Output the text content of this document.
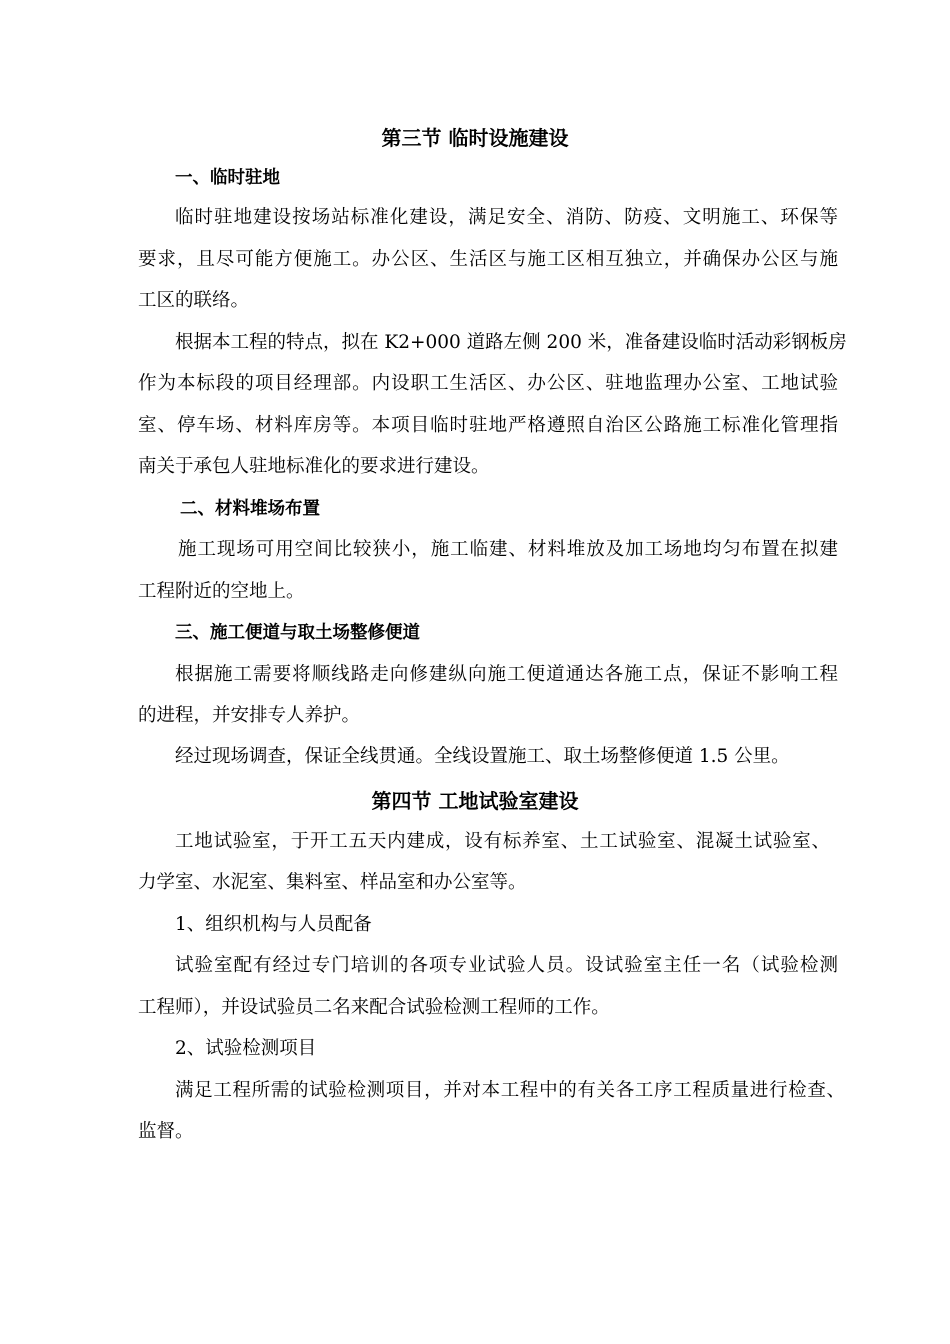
第三节 临时设施建设
一、临时驻地
临时驻地建设按场站标准化建设，满足安全、消防、防疫、文明施工、环保等
要求，且尽可能方便施工。办公区、生活区与施工区相互独立，并确保办公区与施
工区的联络。
根据本工程的特点，拟在 K2+000 道路左侧 200 米，准备建设临时活动彩钢板房
作为本标段的项目经理部。内设职工生活区、办公区、驻地监理办公室、工地试验
室、停车场、材料库房等。本项目临时驻地严格遵照自治区公路施工标准化管理指
南关于承包人驻地标准化的要求进行建设。
二、材料堆场布置
施工现场可用空间比较狭小，施工临建、材料堆放及加工场地均匀布置在拟建
工程附近的空地上。
三、施工便道与取土场整修便道
根据施工需要将顺线路走向修建纵向施工便道通达各施工点，保证不影响工程
的进程，并安排专人养护。
经过现场调查，保证全线贯通。全线设置施工、取土场整修便道 1.5 公里。
第四节 工地试验室建设
工地试验室，于开工五天内建成，设有标养室、土工试验室、混凝土试验室、
力学室、水泥室、集料室、样品室和办公室等。
1、组织机构与人员配备
试验室配有经过专门培训的各项专业试验人员。设试验室主任一名（试验检测
工程师），并设试验员二名来配合试验检测工程师的工作。
2、试验检测项目
满足工程所需的试验检测项目，并对本工程中的有关各工序工程质量进行检查、
监督。
